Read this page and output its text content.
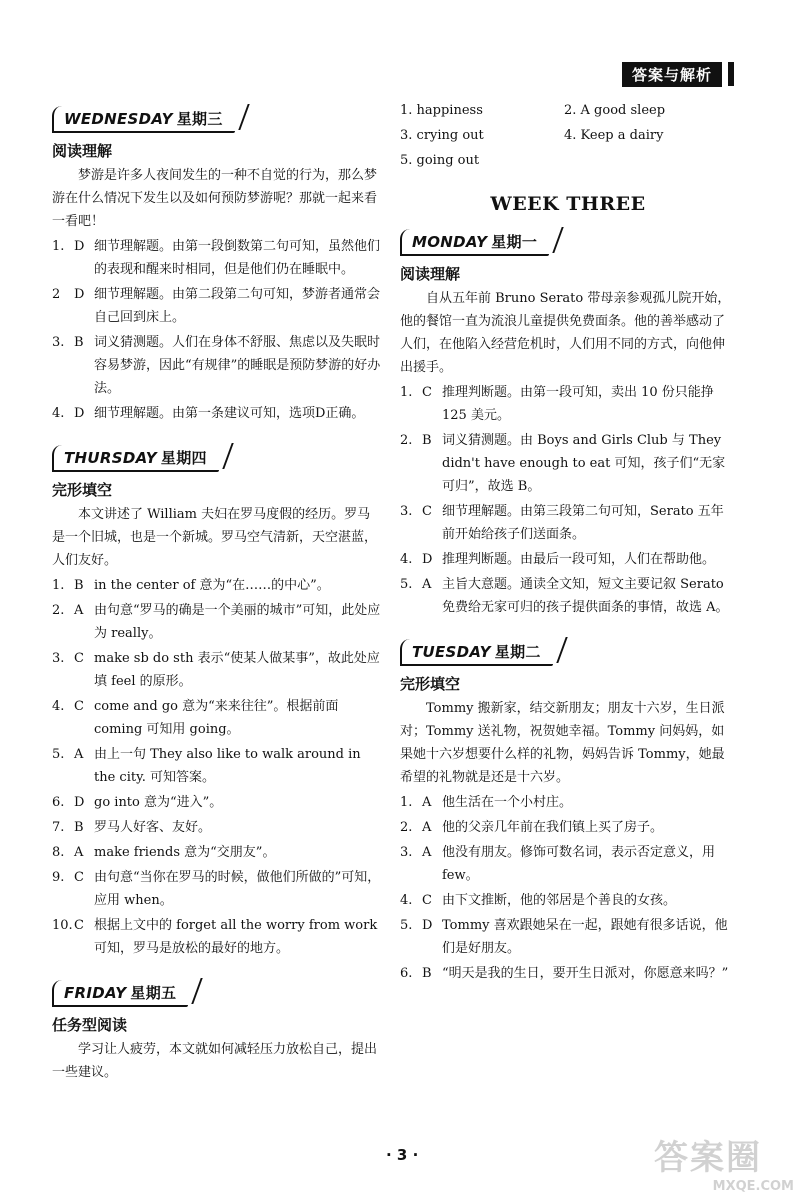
答案与解析
WEDNESDAY 星期三
阅读理解

梦游是许多人夜间发生的一种不自觉的行为，那么梦游在什么情况下发生以及如何预防梦游呢？那就一起来看一看吧！

1. D 细节理解题。由第一段倒数第二句可知，虽然他们的表现和醒来时相同，但是他们仍在睡眠中。
2	D 细节理解题。由第二段第二句可知，梦游者通常会自己回到床上。
3. B 词义猜测题。人们在身体不舒服、焦虑以及失眠时容易梦游，因此“有规律”的睡眠是预防梦游的好办法。
4. D 细节理解题。由第一条建议可知，选项D正确。
THURSDAY 星期四
完形填空

本文讲述了 William 夫妇在罗马度假的经历。罗马是一个旧城，也是一个新城。罗马空气清新，天空湛蓝，人们友好。

1. B in the center of 意为“在……的中心”。
2. A 由句意“罗马的确是一个美丽的城市”可知，此处应为 really。
3. C make sb do sth 表示“使某人做某事”，故此处应填 feel 的原形。
4. C come and go 意为“来来往往”。根据前面 coming 可知用 going。
5. A 由上一句 They also like to walk around in the city. 可知答案。
6. D go into 意为“进入”。
7. B 罗马人好客、友好。
8. A make friends 意为“交朋友”。
9. C 由句意“当你在罗马的时候，做他们所做的”可知，应用 when。
10. C 根据上文中的 forget all the worry from work 可知，罗马是放松的最好的地方。
FRIDAY 星期五
任务型阅读

学习让人疲劳，本文就如何减轻压力放松自己，提出一些建议。

1. happiness	2. A good sleep
3. crying out	4. Keep a dairy
5. going out
WEEK THREE
MONDAY 星期一
阅读理解

自从五年前 Bruno Serato 带母亲参观孤儿院开始，他的餐馆一直为流浪儿童提供免费面条。他的善举感动了人们，在他陷入经营危机时，人们用不同的方式，向他伸出援手。

1. C 推理判断题。由第一段可知，卖出 10 份只能挣 125 美元。
2. B 词义猜测题。由 Boys and Girls Club 与 They didn't have enough to eat 可知，孩子们“无家可归”，故选 B。
3. C 细节理解题。由第三段第二句可知，Serato 五年前开始给孩子们送面条。
4. D 推理判断题。由最后一段可知，人们在帮助他。
5. A 主旨大意题。通读全文知，短文主要记叙 Serato 免费给无家可归的孩子提供面条的事情，故选 A。
TUESDAY 星期二
完形填空

Tommy 搬新家，结交新朋友；朋友十六岁，生日派对；Tommy 送礼物，祝贺她幸福。Tommy 问妈妈，如果她十六岁想要什么样的礼物，妈妈告诉 Tommy，她最希望的礼物就是还是十六岁。

1. A 他生活在一个小村庄。
2. A 他的父亲几年前在我们镇上买了房子。
3. A 他没有朋友。修饰可数名词，表示否定意义，用 few。
4. C 由下文推断，他的邻居是个善良的女孩。
5. D Tommy 喜欢跟她呆在一起，跟她有很多话说，他们是好朋友。
6. B “明天是我的生日，要开生日派对，你愿意来吗？”
· 3 ·	答案圈
MXQE.COM
